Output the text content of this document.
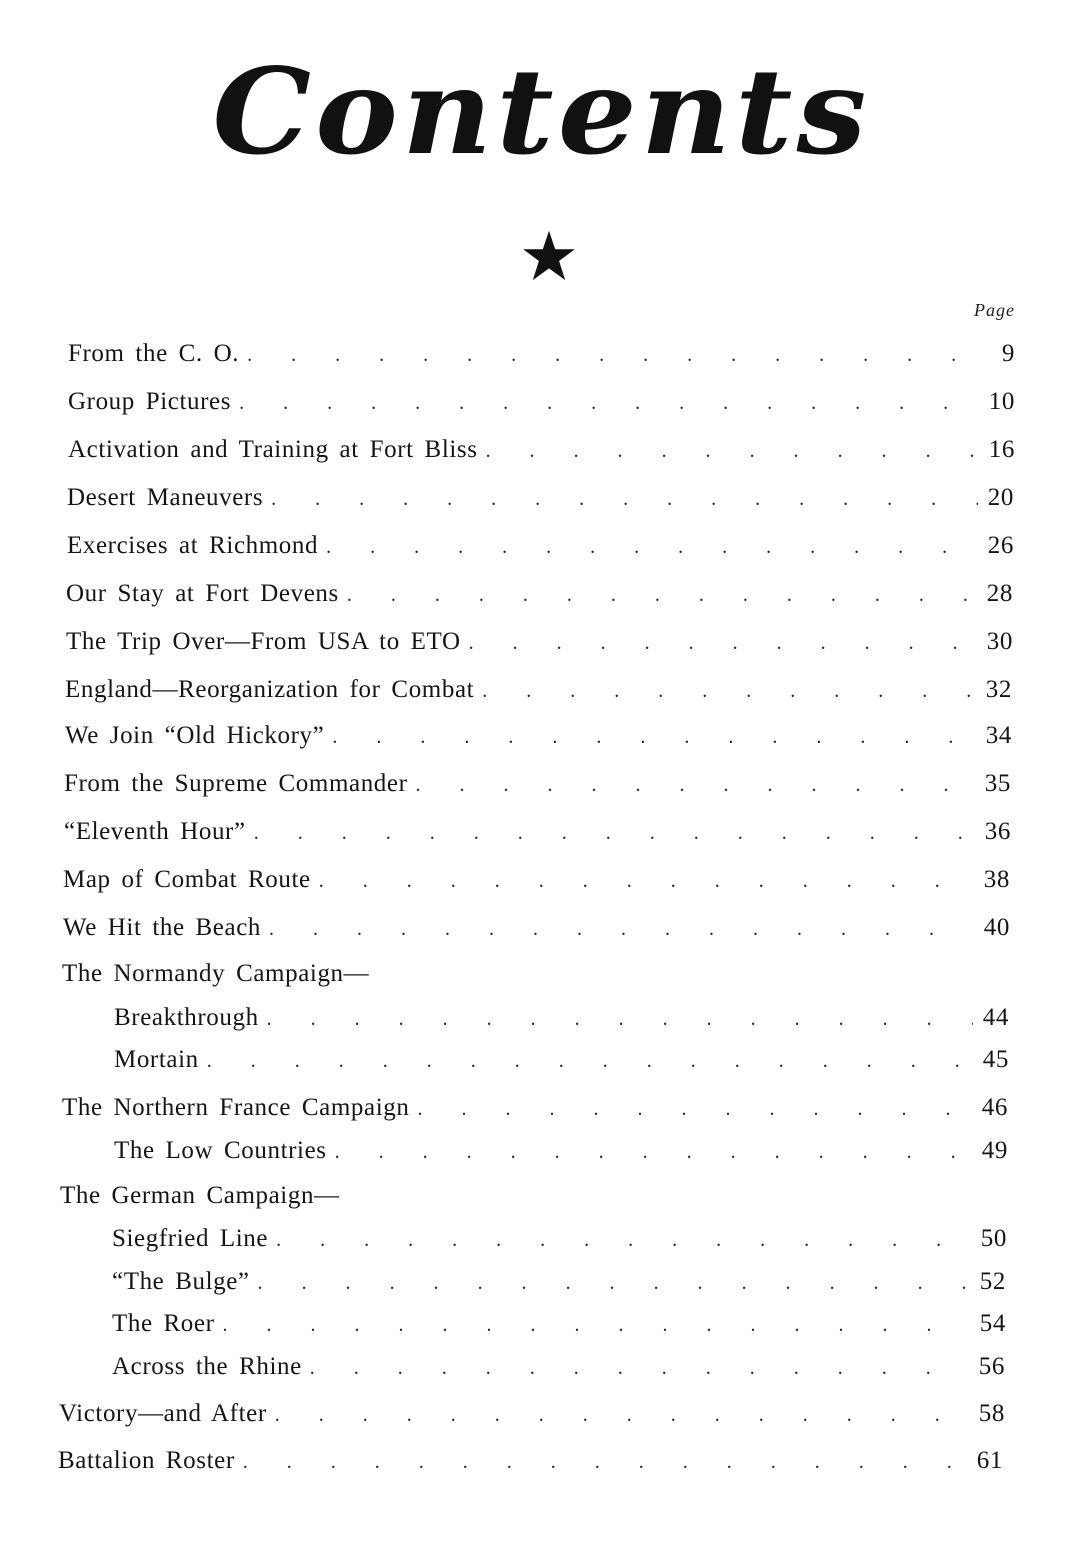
Contents
Page
From the C. O. . . .	9
Group Pictures . . .	10
Activation and Training at Fort Bliss . . .	16
Desert Maneuvers . . .	20
Exercises at Richmond . . .	26
Our Stay at Fort Devens . . .	28
The Trip Over—From USA to ETO . . .	30
England—Reorganization for Combat . . .	32
We Join “Old Hickory” . . .	34
From the Supreme Commander . . .	35
“Eleventh Hour” . . .	36
Map of Combat Route . . .	38
We Hit the Beach . . .	40
The Normandy Campaign—
Breakthrough . . .	44
Mortain . . .	45
The Northern France Campaign . . .	46
The Low Countries . . .	49
The German Campaign—
Siegfried Line . . .	50
“The Bulge” . . .	52
The Roer . . .	54
Across the Rhine . . .	56
Victory—and After . . .	58
Battalion Roster . . .	61
